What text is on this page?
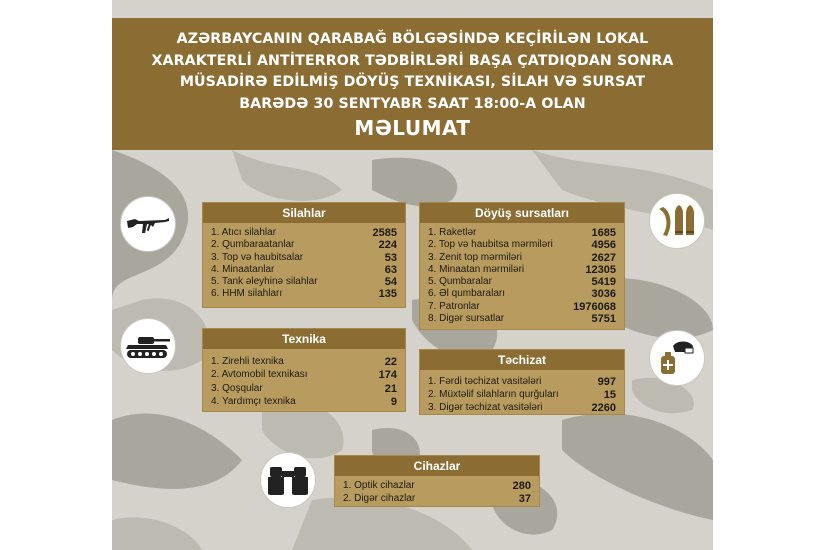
AZƏRBAYCANIN QARABAĞ BÖLGƏSİNDƏ KEÇİRİLƏN LOKAL XARAKTERLİ ANTİTERROR TƏDBİRLƏRİ BAŞA ÇATDIQDAN SONRA MÜSADİRƏ EDİLMİŞ DÖYÜŞ TEXNİKASI, SİLAH VƏ SURSAT BARƏDƏ 30 SENTYABR SAAT 18:00-A OLAN
MƏLUMAT
Silahlar
1. Atıcı silahlar	2585
2. Qumbaraatanlar	224
3. Top və haubitsalar	53
4. Minaatanlar	63
5. Tank əleyhinə silahlar	54
6. HHM silahları	135
Döyüş sursatları
1. Raketlər	1685
2. Top və haubitsa mərmiləri	4956
3. Zenit top mərmiləri	2627
4. Minaatan mərmiləri	12305
5. Qumbaralar	5419
6. Əl qumbaraları	3036
7. Patronlar	1976068
8. Digər sursatlar	5751
Texnika
1. Zirehli texnika	22
2. Avtomobil texnikası	174
3. Qoşqular	21
4. Yardımçı texnika	9
Təchizat
1. Fərdi təchizat vasitələri	997
2. Müxtəlif silahların qurğuları	15
3. Digər təchizat vasitələri	2260
Cihazlar
1. Optik cihazlar	280
2. Digər cihazlar	37
